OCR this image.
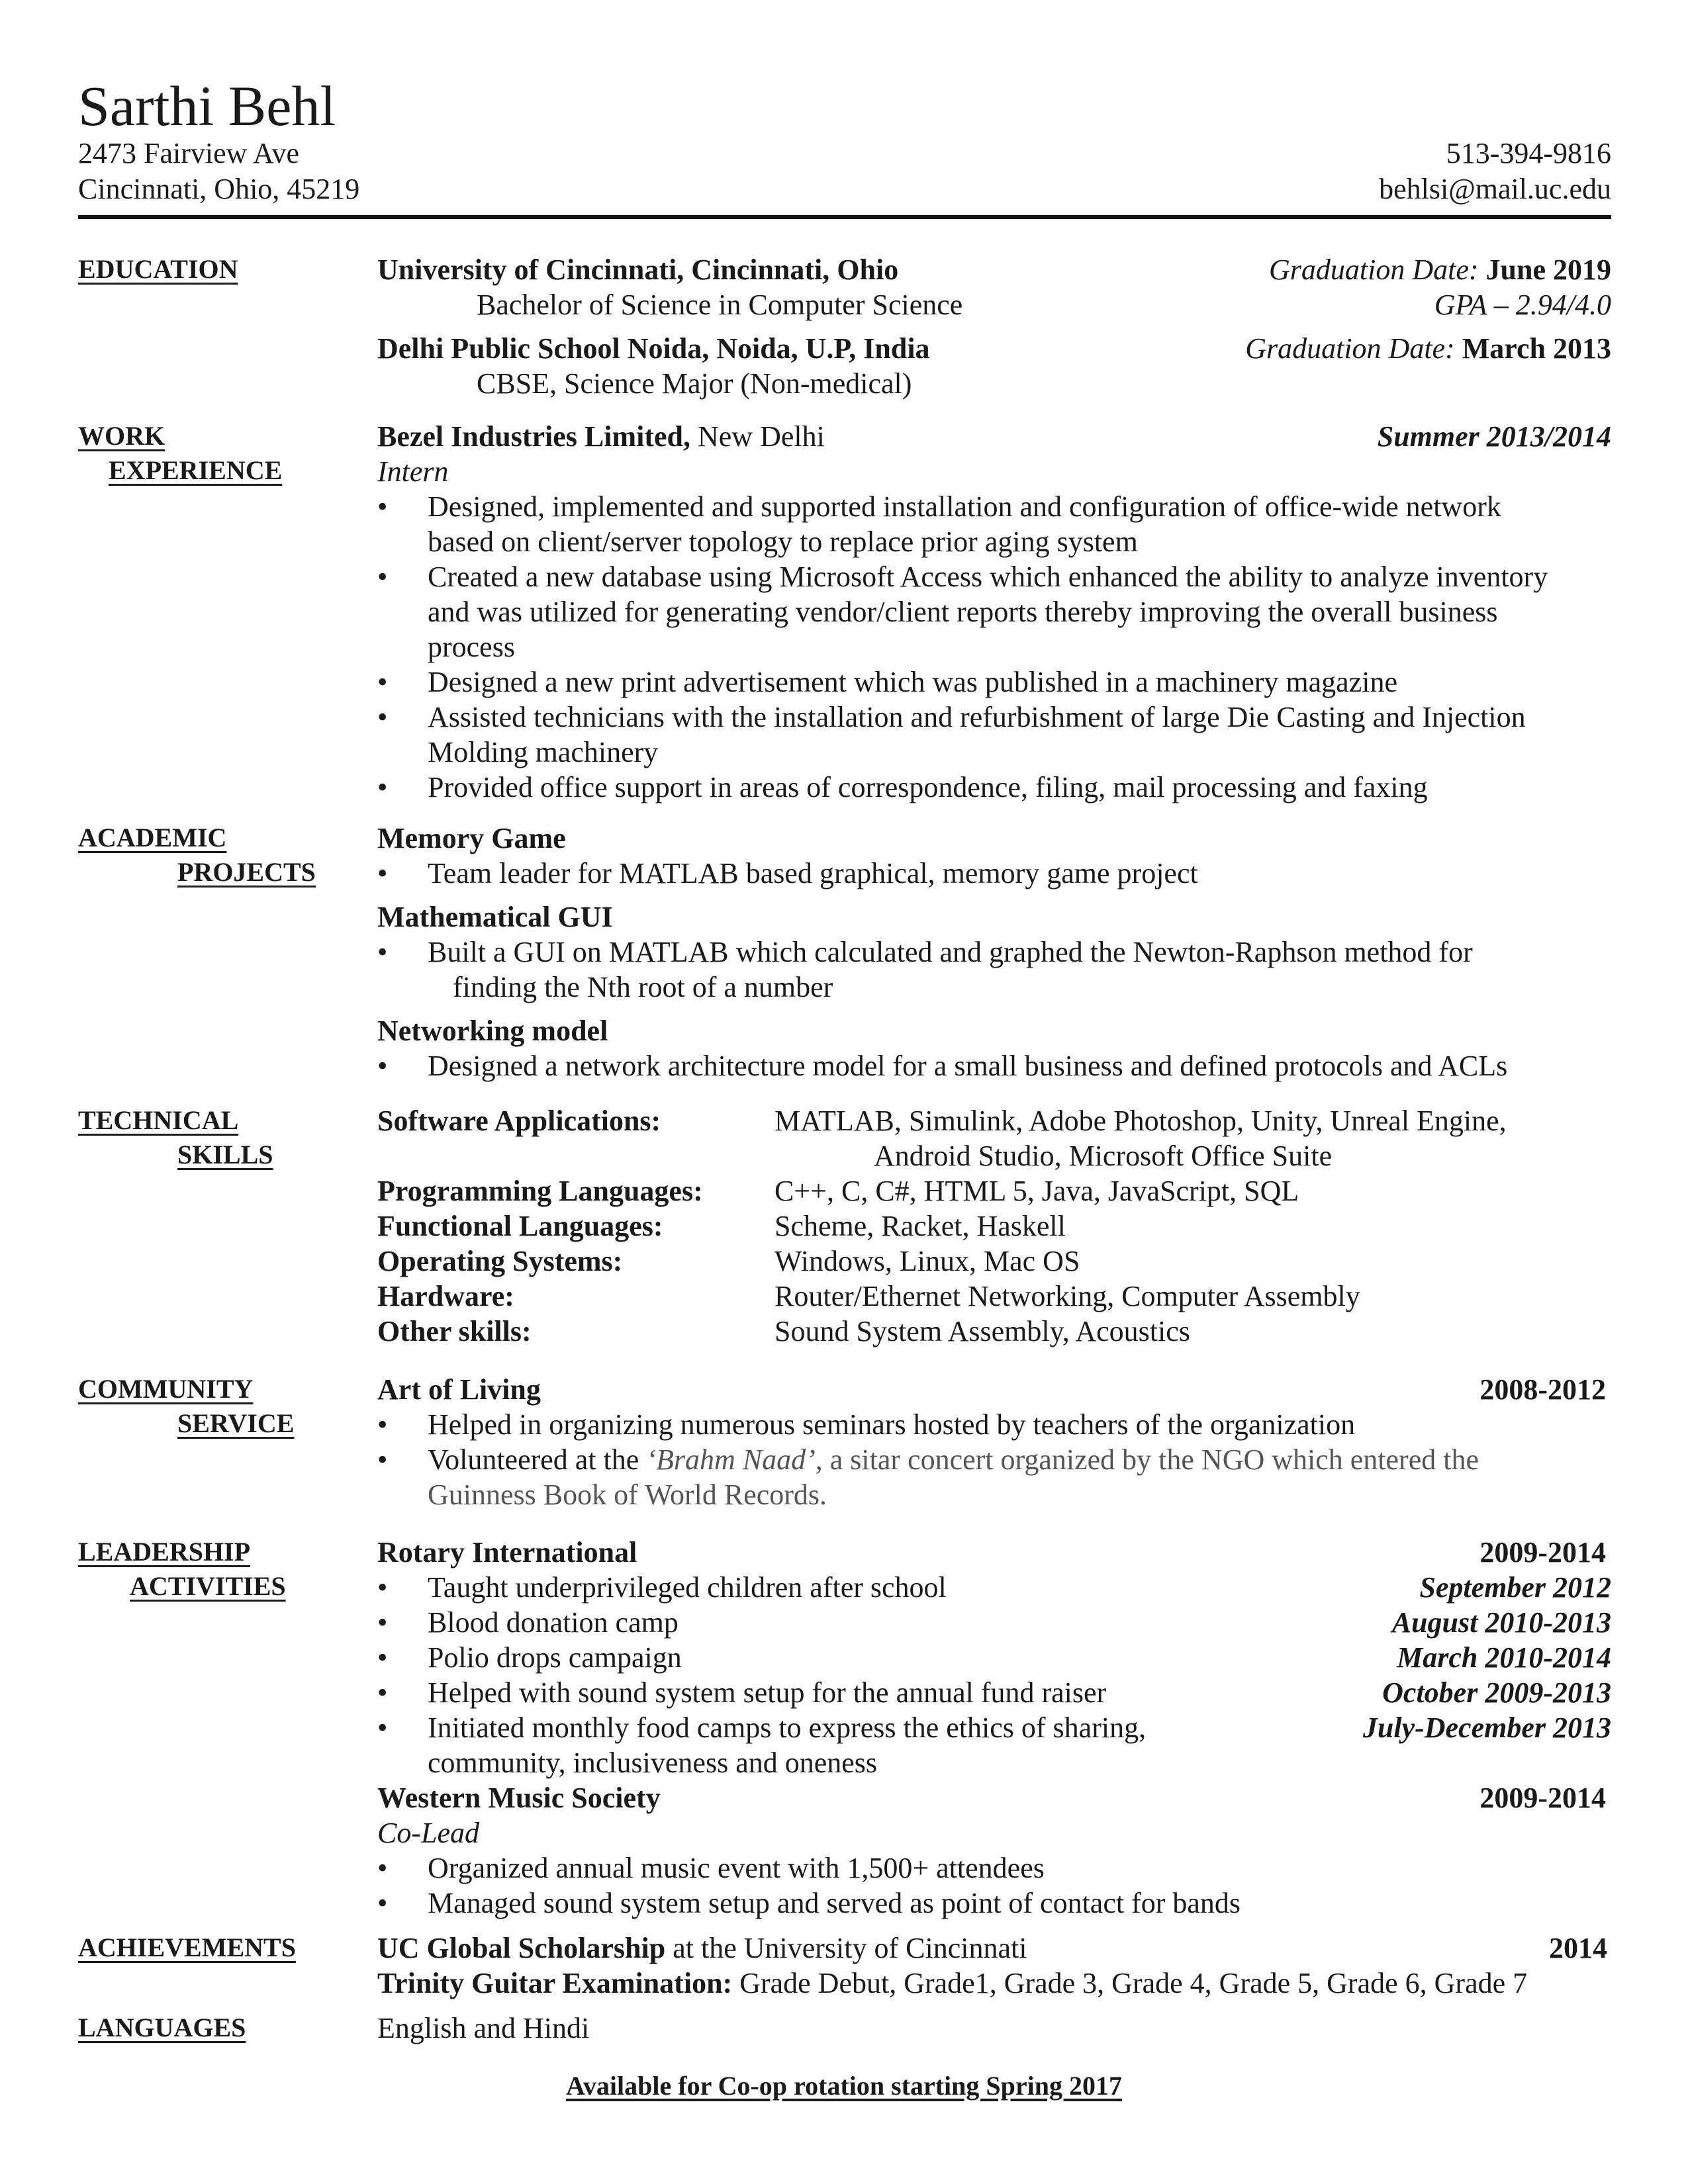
Sarthi Behl
2473 Fairview Ave
Cincinnati, Ohio, 45219
513-394-9816
behlsi@mail.uc.edu
EDUCATION	University of Cincinnati, Cincinnati, Ohio	Graduation Date: June 2019
Bachelor of Science in Computer Science	GPA – 2.94/4.0
Delhi Public School Noida, Noida, U.P, India	Graduation Date: March 2013
CBSE, Science Major (Non-medical)
WORK
EXPERIENCE
Bezel Industries Limited, New Delhi	Summer 2013/2014
Intern
• Designed, implemented and supported installation and configuration of office-wide network
based on client/server topology to replace prior aging system
• Created a new database using Microsoft Access which enhanced the ability to analyze inventory
and was utilized for generating vendor/client reports thereby improving the overall business
process
• Designed a new print advertisement which was published in a machinery magazine
• Assisted technicians with the installation and refurbishment of large Die Casting and Injection
Molding machinery
• Provided office support in areas of correspondence, filing, mail processing and faxing
ACADEMIC
PROJECTS
Memory Game
• Team leader for MATLAB based graphical, memory game project
Mathematical GUI
• Built a GUI on MATLAB which calculated and graphed the Newton-Raphson method for
finding the Nth root of a number
Networking model
• Designed a network architecture model for a small business and defined protocols and ACLs
TECHNICAL
SKILLS
Software Applications:	MATLAB, Simulink, Adobe Photoshop, Unity, Unreal Engine,
Android Studio, Microsoft Office Suite
Programming Languages:	C++, C, C#, HTML 5, Java, JavaScript, SQL
Functional Languages:	Scheme, Racket, Haskell
Operating Systems:	Windows, Linux, Mac OS
Hardware:	Router/Ethernet Networking, Computer Assembly
Other skills:	Sound System Assembly, Acoustics
COMMUNITY
SERVICE
Art of Living	2008-2012
• Helped in organizing numerous seminars hosted by teachers of the organization
• Volunteered at the ‘Brahm Naad’, a sitar concert organized by the NGO which entered the
Guinness Book of World Records.
LEADERSHIP
ACTIVITIES
Rotary International	2009-2014
• Taught underprivileged children after school	September 2012
• Blood donation camp	August 2010-2013
• Polio drops campaign	March 2010-2014
• Helped with sound system setup for the annual fund raiser	October 2009-2013
• Initiated monthly food camps to express the ethics of sharing,	July-December 2013
community, inclusiveness and oneness
Western Music Society	2009-2014
Co-Lead
• Organized annual music event with 1,500+ attendees
• Managed sound system setup and served as point of contact for bands
ACHIEVEMENTS	UC Global Scholarship at the University of Cincinnati	2014
Trinity Guitar Examination: Grade Debut, Grade1, Grade 3, Grade 4, Grade 5, Grade 6, Grade 7
LANGUAGES	English and Hindi
Available for Co-op rotation starting Spring 2017
